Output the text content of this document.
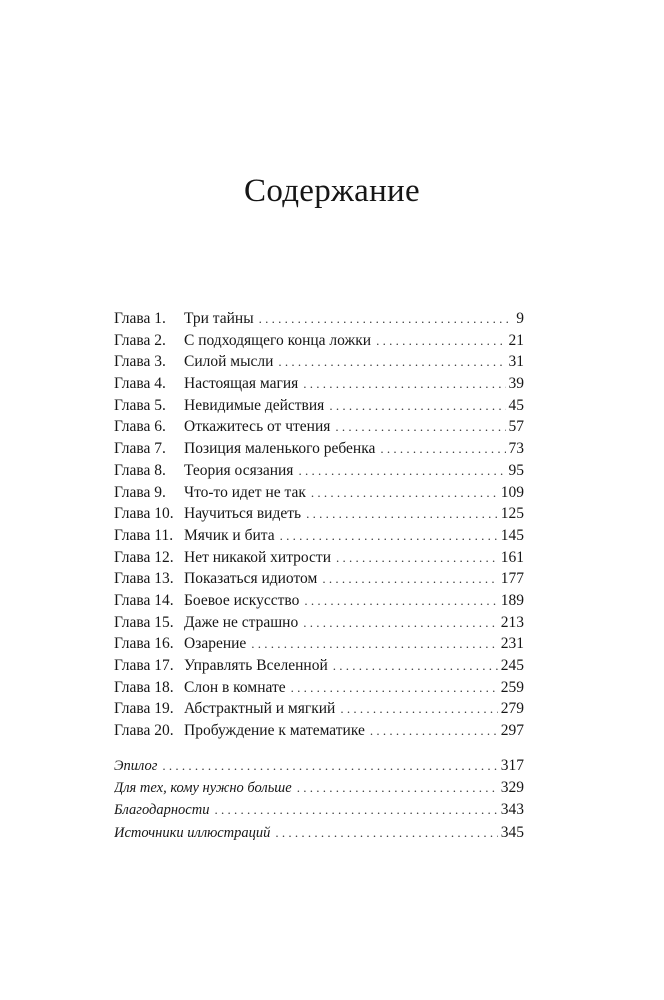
Содержание
Глава 1.	Три тайны . . .	9
Глава 2.	С подходящего конца ложки . . .	21
Глава 3.	Силой мысли . . .	31
Глава 4.	Настоящая магия . . .	39
Глава 5.	Невидимые действия . . .	45
Глава 6.	Откажитесь от чтения . . .	57
Глава 7.	Позиция маленького ребенка . . .	73
Глава 8.	Теория осязания . . .	95
Глава 9.	Что-то идет не так . . .	109
Глава 10. Научиться видеть . . .	125
Глава 11. Мячик и бита . . .	145
Глава 12. Нет никакой хитрости . . .	161
Глава 13. Показаться идиотом . . .	177
Глава 14. Боевое искусство . . .	189
Глава 15. Даже не страшно . . .	213
Глава 16. Озарение . . .	231
Глава 17. Управлять Вселенной . . .	245
Глава 18. Слон в комнате . . .	259
Глава 19. Абстрактный и мягкий . . .	279
Глава 20. Пробуждение к математике . . .	297
Эпилог . . .	317
Для тех, кому нужно больше . . .	329
Благодарности . . .	343
Источники иллюстраций . . .	345
